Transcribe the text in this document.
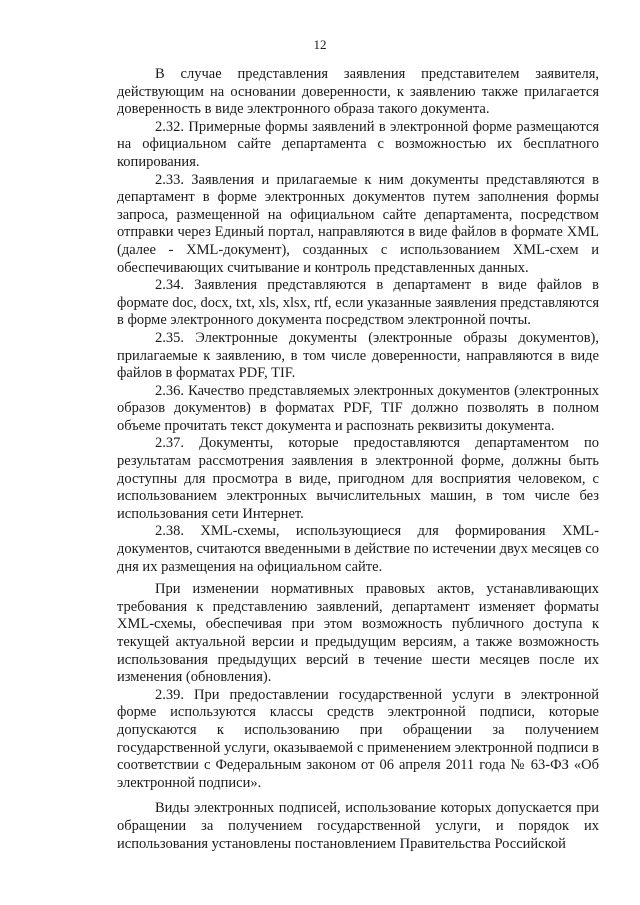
12

В случае представления заявления представителем заявителя, действующим на основании доверенности, к заявлению также прилагается доверенность в виде электронного образа такого документа.

2.32. Примерные формы заявлений в электронной форме размещаются на официальном сайте департамента с возможностью их бесплатного копирования.

2.33. Заявления и прилагаемые к ним документы представляются в департамент в форме электронных документов путем заполнения формы запроса, размещенной на официальном сайте департамента, посредством отправки через Единый портал, направляются в виде файлов в формате XML (далее - XML-документ), созданных с использованием XML-схем и обеспечивающих считывание и контроль представленных данных.

2.34. Заявления представляются в департамент в виде файлов в формате doc, docx, txt, xls, xlsx, rtf, если указанные заявления представляются в форме электронного документа посредством электронной почты.

2.35. Электронные документы (электронные образы документов), прилагаемые к заявлению, в том числе доверенности, направляются в виде файлов в форматах PDF, TIF.

2.36. Качество представляемых электронных документов (электронных образов документов) в форматах PDF, TIF должно позволять в полном объеме прочитать текст документа и распознать реквизиты документа.

2.37. Документы, которые предоставляются департаментом по результатам рассмотрения заявления в электронной форме, должны быть доступны для просмотра в виде, пригодном для восприятия человеком, с использованием электронных вычислительных машин, в том числе без использования сети Интернет.

2.38. XML-схемы, использующиеся для формирования XML-документов, считаются введенными в действие по истечении двух месяцев со дня их размещения на официальном сайте.

При изменении нормативных правовых актов, устанавливающих требования к представлению заявлений, департамент изменяет форматы XML-схемы, обеспечивая при этом возможность публичного доступа к текущей актуальной версии и предыдущим версиям, а также возможность использования предыдущих версий в течение шести месяцев после их изменения (обновления).

2.39. При предоставлении государственной услуги в электронной форме используются классы средств электронной подписи, которые допускаются к использованию при обращении за получением государственной услуги, оказываемой с применением электронной подписи в соответствии с Федеральным законом от 06 апреля 2011 года № 63-ФЗ «Об электронной подписи».

Виды электронных подписей, использование которых допускается при обращении за получением государственной услуги, и порядок их использования установлены постановлением Правительства Российской
